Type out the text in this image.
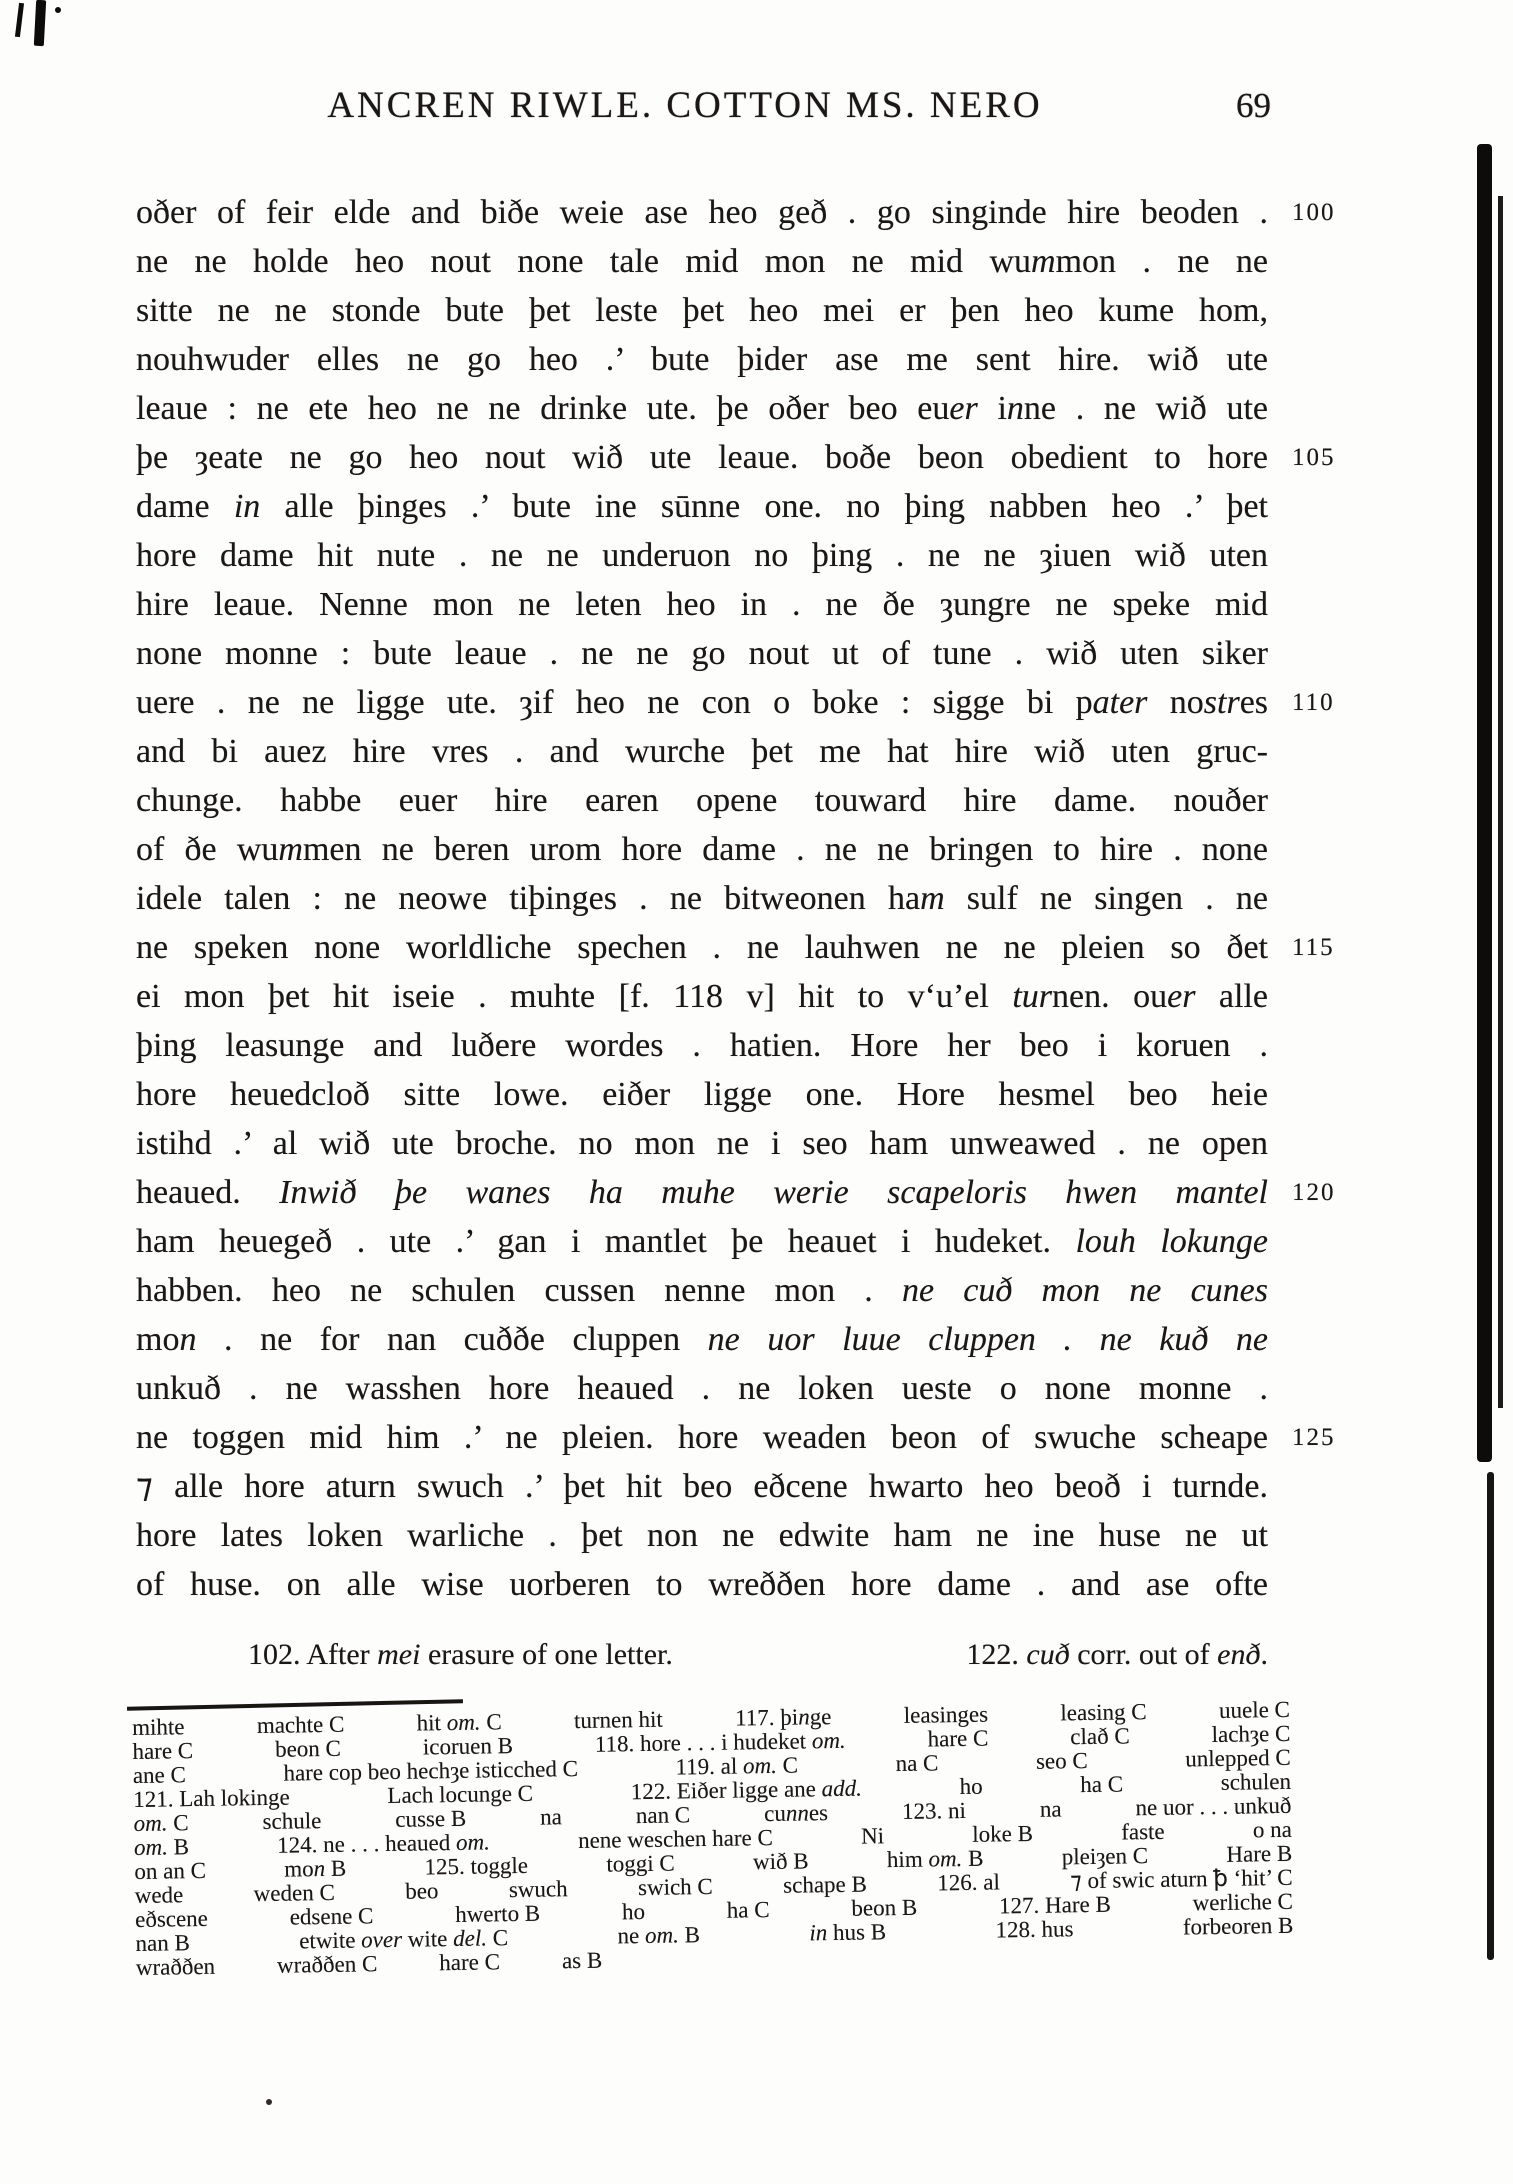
ANCREN RIWLE. COTTON MS. NERO	69
oðer of feir elde and biðe weie ase heo geð . go singinde hire beoden . 100
ne ne holde heo nout none tale mid mon ne mid wummon . ne ne
sitte ne ne stonde bute þet leste þet heo mei er þen heo kume hom,
nouhwuder elles ne go heo .’ bute þider ase me sent hire. wið ute
leaue : ne ete heo ne ne drinke ute. þe oðer beo euer inne . ne wið ute
þe ȝeate ne go heo nout wið ute leaue. boðe beon obedient to hore 105
dame in alle þinges .’ bute ine sūnne one. no þing nabben heo .’ þet
hore dame hit nute . ne ne underuon no þing . ne ne ȝiuen wið uten
hire leaue. Nenne mon ne leten heo in . ne ðe ȝungre ne speke mid
none monne : bute leaue . ne ne go nout ut of tune . wið uten siker
uere . ne ne ligge ute. ȝif heo ne con o boke : sigge bi pater nostres 110
and bi auez hire vres . and wurche þet me hat hire wið uten gruc-
chunge. habbe euer hire earen opene touward hire dame. nouðer
of ðe wummen ne beren urom hore dame . ne ne bringen to hire . none
idele talen : ne neowe tiþinges . ne bitweonen ham sulf ne singen . ne
ne speken none worldliche spechen . ne lauhwen ne ne pleien so ðet 115
ei mon þet hit iseie . muhte [f. 118 v] hit to v‘u’el turnen. ouer alle
þing leasunge and luðere wordes . hatien. Hore her beo i koruen .
hore heuedcloð sitte lowe. eiðer ligge one. Hore hesmel beo heie
istihd .’ al wið ute broche. no mon ne i seo ham unweawed . ne open
heaued. Inwið þe wanes ha muhe werie scapeloris hwen mantel 120
ham heuegeð . ute .’ gan i mantlet þe heauet i hudeket. louh lokunge
habben. heo ne schulen cussen nenne mon . ne cuð mon ne cunes
mon . ne for nan cuððe cluppen ne uor luue cluppen . ne kuð ne
unkuð . ne wasshen hore heaued . ne loken ueste o none monne .
ne toggen mid him .’ ne pleien. hore weaden beon of swuche scheape 125
⁊ alle hore aturn swuch .’ þet hit beo eðcene hwarto heo beoð i turnde.
hore lates loken warliche . þet non ne edwite ham ne ine huse ne ut
of huse. on alle wise uorberen to wreððen hore dame . and ase ofte
102. After mei erasure of one letter.	122. cuð corr. out of enð.
mihte	machte C	hit om. C	turnen hit	117. þinge	leasinges	leasing C	uuele C
hare C	beon C	icoruen B	118. hore . . . i hudeket om.	hare C	clað C	lachȝe C
ane C	hare cop beo hechȝe isticched C	119. al om. C	na C	seo C	unlepped C
121. Lah lokinge	Lach locunge C	122. Eiðer ligge ane add.	ho	ha C	schulen
om. C	schule	cusse B	na	nan C	cunnes	123. ni	na	ne uor . . . unkuð
om. B	124. ne . . . heaued om.	nene weschen hare C	Ni	loke B	faste	o na
on an C	mon B	125. toggle	toggi C	wið B	him om. B	pleiȝen C	Hare B
wede	weden C	beo	swuch	swich C	schape B	126. al	⁊ of swic aturn ꝥ ‘hit’ C
eðscene	edsene C	hwerto B	ho	ha C	beon B	127. Hare B	werliche C
nan B	etwite over wite del. C	ne om. B	in hus B	128. hus	forbeoren B
wraððen	wraððen C	hare C	as B
